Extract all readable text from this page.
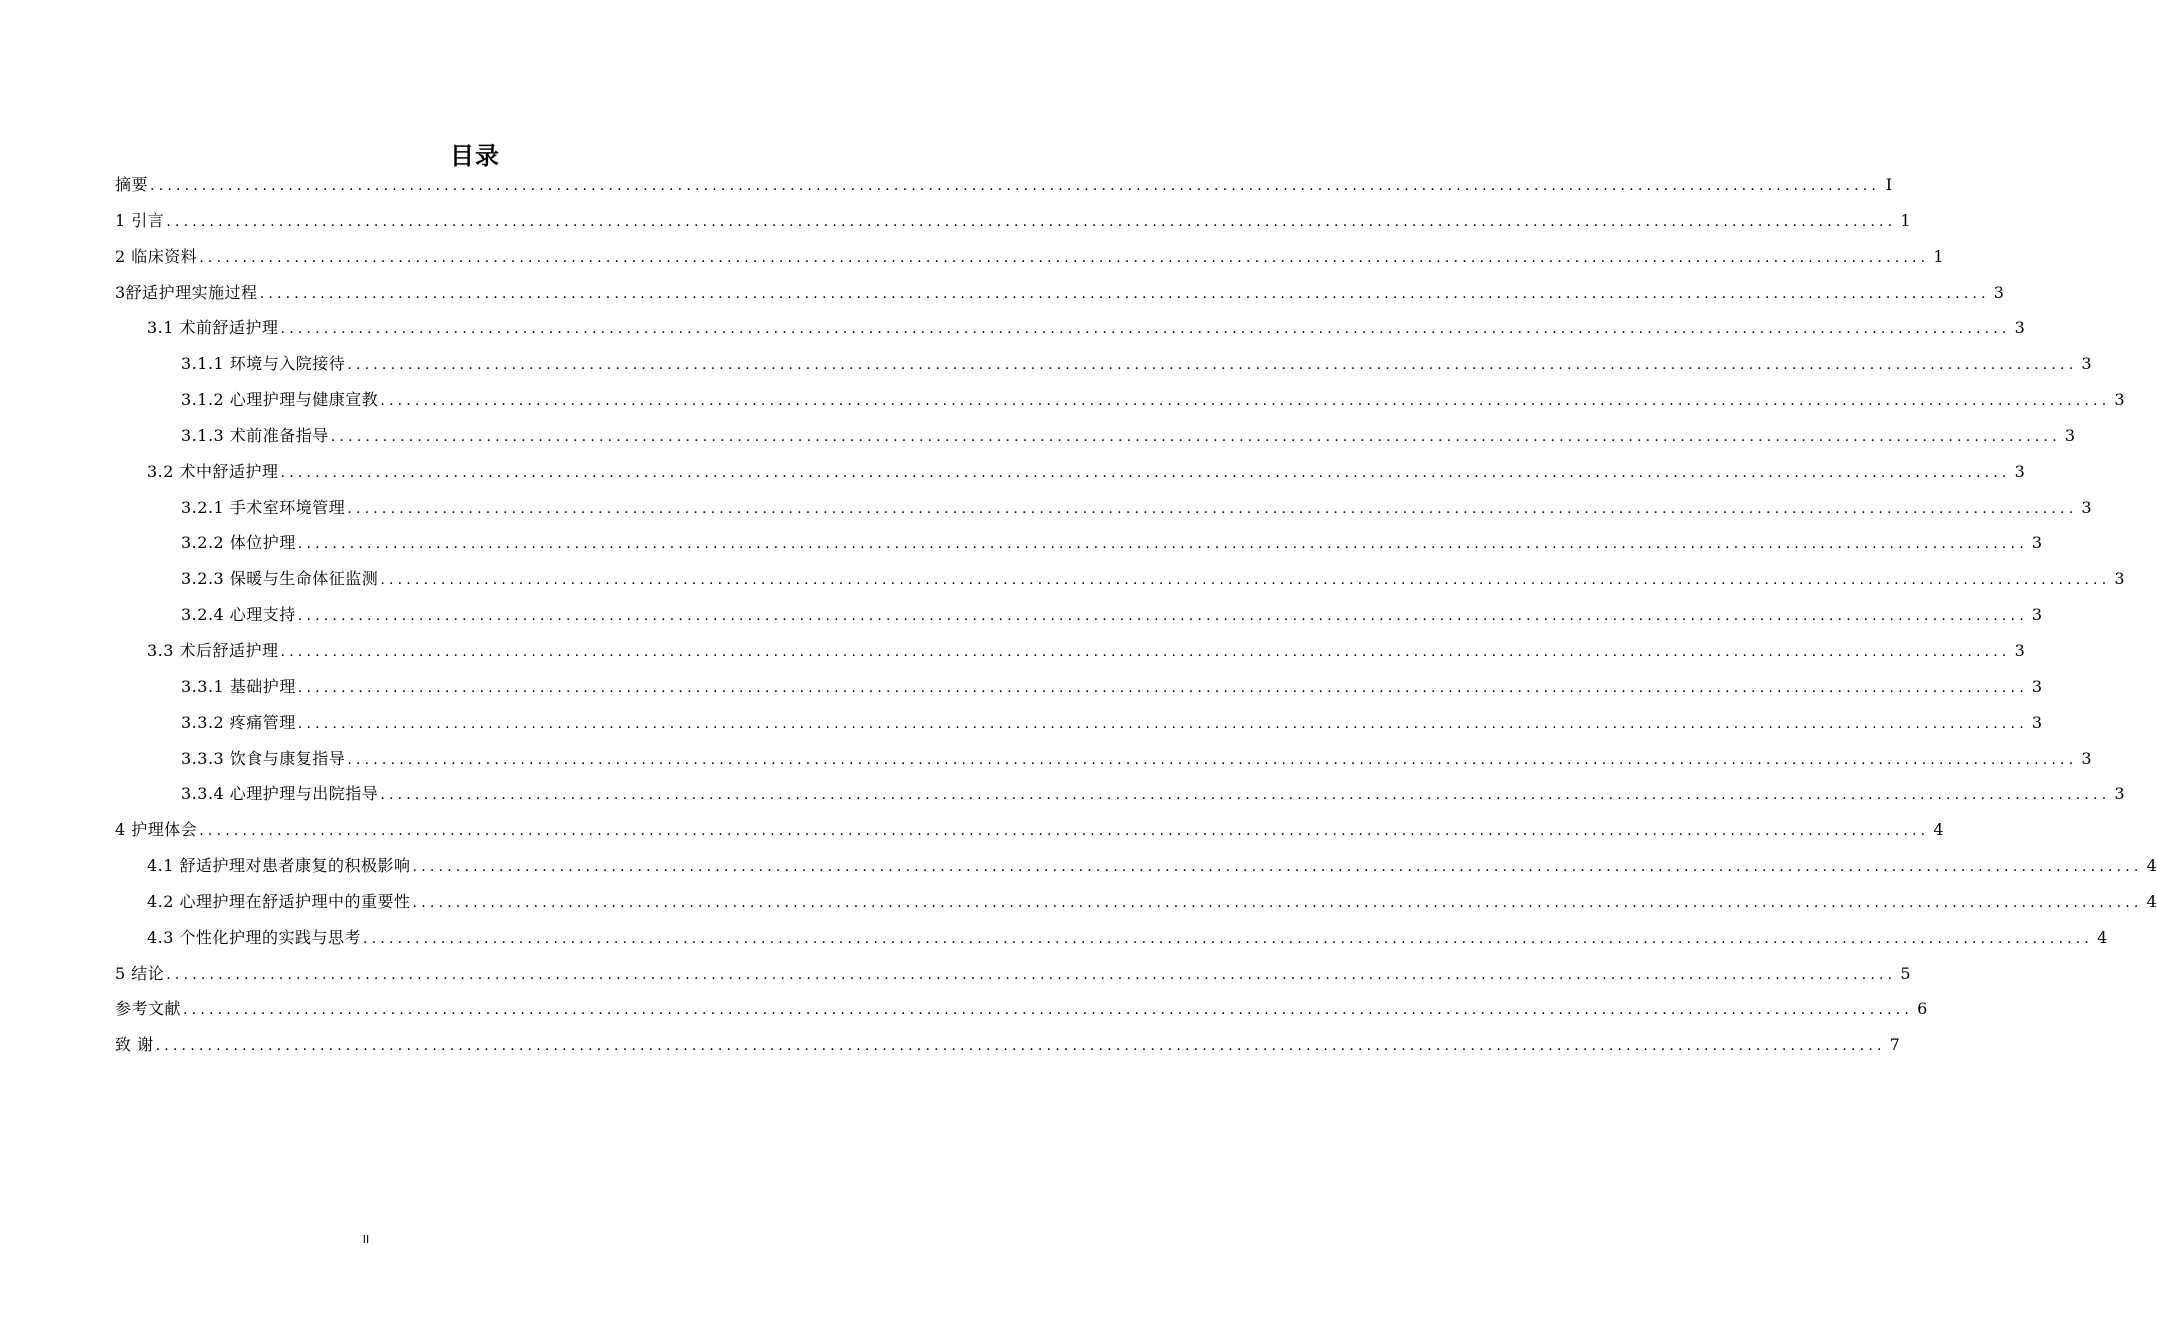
目录
摘要 ........................................................................................................................................................................................................ I
1 引言 ........................................................................................................................................................................................................ 1
2 临床资料 ........................................................................................................................................................................................................ 1
3舒适护理实施过程 ........................................................................................................................................................................................................ 3
3.1 术前舒适护理 ........................................................................................................................................................................................................ 3
3.1.1 环境与入院接待 ........................................................................................................................................................................................................ 3
3.1.2 心理护理与健康宣教 ........................................................................................................................................................................................................ 3
3.1.3 术前准备指导 ........................................................................................................................................................................................................ 3
3.2 术中舒适护理 ........................................................................................................................................................................................................ 3
3.2.1 手术室环境管理 ........................................................................................................................................................................................................ 3
3.2.2 体位护理 ........................................................................................................................................................................................................ 3
3.2.3 保暖与生命体征监测 ........................................................................................................................................................................................................ 3
3.2.4 心理支持 ........................................................................................................................................................................................................ 3
3.3 术后舒适护理 ........................................................................................................................................................................................................ 3
3.3.1 基础护理 ........................................................................................................................................................................................................ 3
3.3.2 疼痛管理 ........................................................................................................................................................................................................ 3
3.3.3 饮食与康复指导 ........................................................................................................................................................................................................ 3
3.3.4 心理护理与出院指导 ........................................................................................................................................................................................................ 3
4 护理体会 ........................................................................................................................................................................................................ 4
4.1 舒适护理对患者康复的积极影响 ........................................................................................................................................................................................................ 4
4.2 心理护理在舒适护理中的重要性 ........................................................................................................................................................................................................ 4
4.3 个性化护理的实践与思考 ........................................................................................................................................................................................................ 4
5 结论 ........................................................................................................................................................................................................ 5
参考文献 ........................................................................................................................................................................................................ 6
致 谢 ........................................................................................................................................................................................................ 7
II
